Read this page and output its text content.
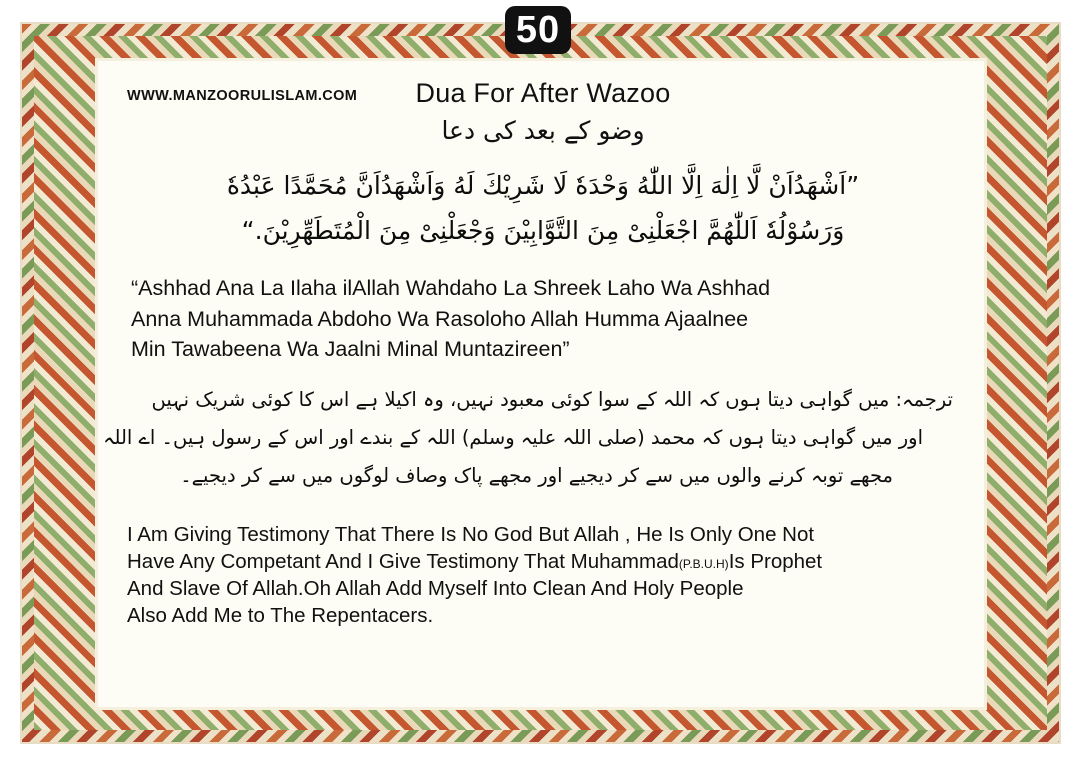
50
WWW.MANZOORULISLAM.COM	Dua For After Wazoo
وضو کے بعد کی دعا
”اَشْهَدُاَنْ لَّا اِلٰهَ اِلَّا اللّٰهُ وَحْدَهٗ لَا شَرِيْكَ لَهُ وَاَشْهَدُاَنَّ مُحَمَّدًا عَبْدُهٗ
وَرَسُوْلُهٗ اَللّٰهُمَّ اجْعَلْنِىْ مِنَ التَّوَّابِيْنَ وَجْعَلْنِىْ مِنَ الْمُتَطَهِّرِيْنَ.“
“Ashhad Ana La Ilaha ilAllah Wahdaho La Shreek Laho Wa Ashhad
Anna Muhammada Abdoho Wa Rasoloho Allah Humma Ajaalnee
Min Tawabeena Wa Jaalni Minal Muntazireen”
ترجمہ: میں گواہی دیتا ہوں کہ اللہ کے سوا کوئی معبود نہیں، وہ اکیلا ہے اس کا کوئی شریک نہیں
اور میں گواہی دیتا ہوں کہ محمد (صلی اللہ علیہ وسلم) اللہ کے بندے اور اس کے رسول ہیں۔ اے اللہ
مجھے توبہ کرنے والوں میں سے کر دیجیے اور مجھے پاک وصاف لوگوں میں سے کر دیجیے۔
I Am Giving Testimony That There Is No God But Allah , He Is Only One Not
Have Any Competant And I Give Testimony That Muhammad(P.B.U.H)Is Prophet
And Slave Of Allah.Oh Allah Add Myself Into Clean And Holy People
Also Add Me to The Repentacers.
